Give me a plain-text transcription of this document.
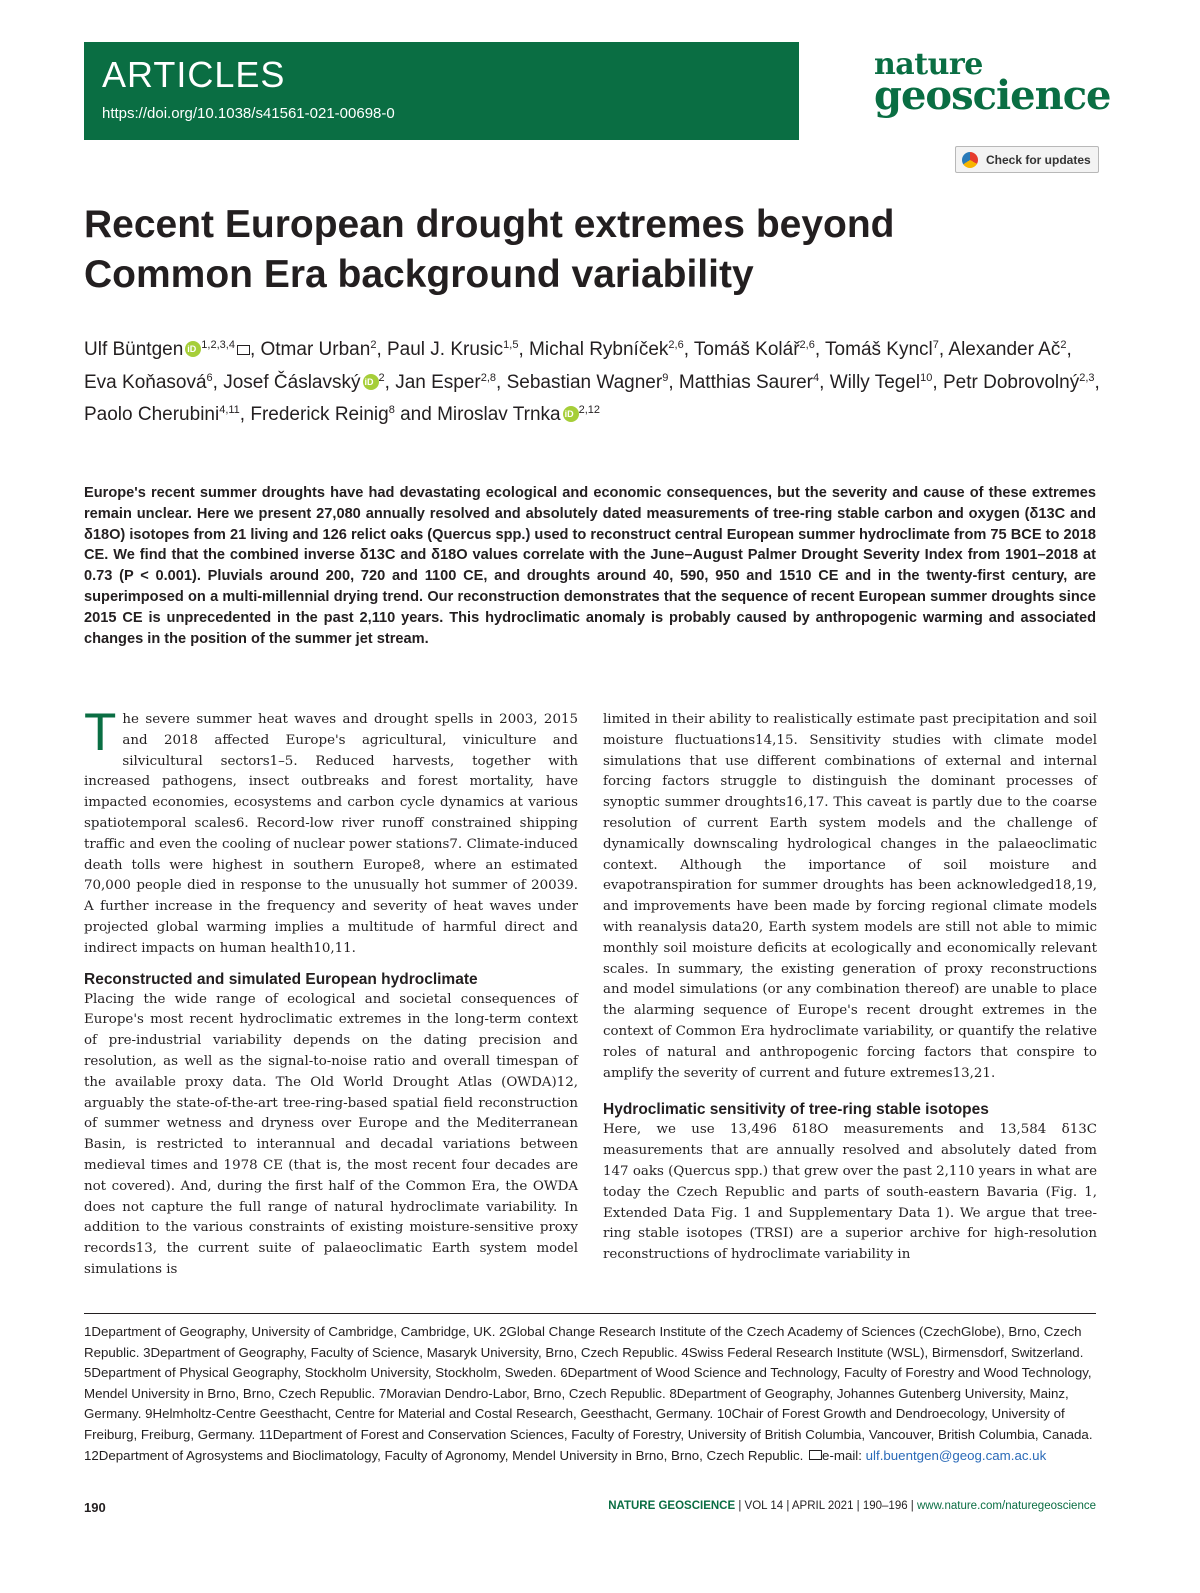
ARTICLES
https://doi.org/10.1038/s41561-021-00698-0
nature
geoscience
Check for updates
Recent European drought extremes beyond
Common Era background variability
Ulf Büntgen iD $^{1,2,3,4}$ , Otmar Urban$^2$, Paul J. Krusic$^{1,5}$, Michal Rybníček$^{2,6}$, Tomáš Kolář$^{2,6}$, Tomáš Kyncl$^7$, Alexander $Ač^2$, Eva Koňasová$^6$, Josef Čáslavský iD $^2$, Jan Esper$^{2,8}$, Sebastian Wagner$^9$, Matthias Saurer$^4$, Willy Tegel$^{10}$, Petr Dobrovolný$^{2,3}$, Paolo Cherubini$^{4,11}$, Frederick Reinig$^8$ and Miroslav Trnka iD $^{2,12}$
Europe's recent summer droughts have had devastating ecological and economic consequences, but the severity and cause of these extremes remain unclear. Here we present 27,080 annually resolved and absolutely dated measurements of tree-ring stable carbon and oxygen (δ13C and δ18O) isotopes from 21 living and 126 relict oaks (Quercus spp.) used to reconstruct central European summer hydroclimate from 75 BCE to 2018 CE. We find that the combined inverse δ13C and δ18O values correlate with the June–August Palmer Drought Severity Index from 1901–2018 at 0.73 (P < 0.001). Pluvials around 200, 720 and 1100 CE, and droughts around 40, 590, 950 and 1510 CE and in the twenty-first century, are superimposed on a multi-millennial drying trend. Our reconstruction demonstrates that the sequence of recent European summer droughts since 2015 CE is unprecedented in the past 2,110 years. This hydroclimatic anomaly is probably caused by anthropogenic warming and associated changes in the position of the summer jet stream.

The severe summer heat waves and drought spells in 2003, 2015 and 2018 affected Europe's agricultural, viniculture and silvicultural sectors1–5. Reduced harvests, together with increased pathogens, insect outbreaks and forest mortality, have impacted economies, ecosystems and carbon cycle dynamics at various spatiotemporal scales6. Record-low river runoff constrained shipping traffic and even the cooling of nuclear power stations7. Climate-induced death tolls were highest in southern Europe8, where an estimated 70,000 people died in response to the unusually hot summer of 20039. A further increase in the frequency and severity of heat waves under projected global warming implies a multitude of harmful direct and indirect impacts on human health10,11.

Reconstructed and simulated European hydroclimate

Placing the wide range of ecological and societal consequences of Europe's most recent hydroclimatic extremes in the long-term context of pre-industrial variability depends on the dating precision and resolution, as well as the signal-to-noise ratio and overall timespan of the available proxy data. The Old World Drought Atlas (OWDA)12, arguably the state-of-the-art tree-ring-based spatial field reconstruction of summer wetness and dryness over Europe and the Mediterranean Basin, is restricted to interannual and decadal variations between medieval times and 1978 CE (that is, the most recent four decades are not covered). And, during the first half of the Common Era, the OWDA does not capture the full range of natural hydroclimate variability. In addition to the various constraints of existing moisture-sensitive proxy records13, the current suite of palaeoclimatic Earth system model simulations is

limited in their ability to realistically estimate past precipitation and soil moisture fluctuations14,15. Sensitivity studies with climate model simulations that use different combinations of external and internal forcing factors struggle to distinguish the dominant processes of synoptic summer droughts16,17. This caveat is partly due to the coarse resolution of current Earth system models and the challenge of dynamically downscaling hydrological changes in the palaeoclimatic context. Although the importance of soil moisture and evapotranspiration for summer droughts has been acknowledged18,19, and improvements have been made by forcing regional climate models with reanalysis data20, Earth system models are still not able to mimic monthly soil moisture deficits at ecologically and economically relevant scales. In summary, the existing generation of proxy reconstructions and model simulations (or any combination thereof) are unable to place the alarming sequence of Europe's recent drought extremes in the context of Common Era hydroclimate variability, or quantify the relative roles of natural and anthropogenic forcing factors that conspire to amplify the severity of current and future extremes13,21.

Hydroclimatic sensitivity of tree-ring stable isotopes

Here, we use 13,496 δ18O measurements and 13,584 δ13C measurements that are annually resolved and absolutely dated from 147 oaks (Quercus spp.) that grew over the past 2,110 years in what are today the Czech Republic and parts of south-eastern Bavaria (Fig. 1, Extended Data Fig. 1 and Supplementary Data 1). We argue that tree-ring stable isotopes (TRSI) are a superior archive for high-resolution reconstructions of hydroclimate variability in

1Department of Geography, University of Cambridge, Cambridge, UK. 2Global Change Research Institute of the Czech Academy of Sciences (CzechGlobe), Brno, Czech Republic. 3Department of Geography, Faculty of Science, Masaryk University, Brno, Czech Republic. 4Swiss Federal Research Institute (WSL), Birmensdorf, Switzerland. 5Department of Physical Geography, Stockholm University, Stockholm, Sweden. 6Department of Wood Science and Technology, Faculty of Forestry and Wood Technology, Mendel University in Brno, Brno, Czech Republic. 7Moravian Dendro-Labor, Brno, Czech Republic. 8Department of Geography, Johannes Gutenberg University, Mainz, Germany. 9Helmholtz-Centre Geesthacht, Centre for Material and Costal Research, Geesthacht, Germany. 10Chair of Forest Growth and Dendroecology, University of Freiburg, Freiburg, Germany. 11Department of Forest and Conservation Sciences, Faculty of Forestry, University of British Columbia, Vancouver, British Columbia, Canada. 12Department of Agrosystems and Bioclimatology, Faculty of Agronomy, Mendel University in Brno, Brno, Czech Republic. e-mail: ulf.buentgen@geog.cam.ac.uk
190	NATURE GEOSCIENCE | VOL 14 | APRIL 2021 | 190–196 | www.nature.com/naturegeoscience
